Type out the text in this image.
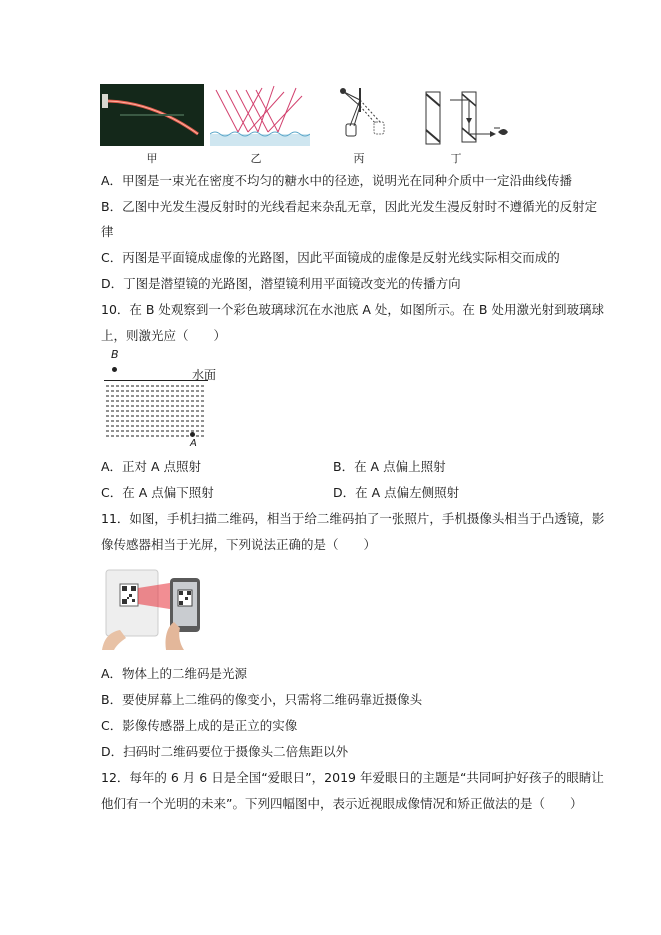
甲	乙	丙	丁
A．甲图是一束光在密度不均匀的糖水中的径迹，说明光在同种介质中一定沿曲线传播
B．乙图中光发生漫反射时的光线看起来杂乱无章，因此光发生漫反射时不遵循光的反射定
律
C．丙图是平面镜成虚像的光路图，因此平面镜成的虚像是反射光线实际相交而成的
D．丁图是潜望镜的光路图，潜望镜利用平面镜改变光的传播方向
10．在 B 处观察到一个彩色玻璃球沉在水池底 A 处，如图所示。在 B 处用激光射到玻璃球
上，则激光应（　　）
B
水面
A
A．正对 A 点照射	B．在 A 点偏上照射
C．在 A 点偏下照射	D．在 A 点偏左侧照射
11．如图，手机扫描二维码，相当于给二维码拍了一张照片，手机摄像头相当于凸透镜，影
像传感器相当于光屏，下列说法正确的是（　　）
A．物体上的二维码是光源
B．要使屏幕上二维码的像变小，只需将二维码靠近摄像头
C．影像传感器上成的是正立的实像
D．扫码时二维码要位于摄像头二倍焦距以外
12．每年的 6 月 6 日是全国“爱眼日”，2019 年爱眼日的主题是“共同呵护好孩子的眼睛让
他们有一个光明的未来”。下列四幅图中，表示近视眼成像情况和矫正做法的是（　　）
